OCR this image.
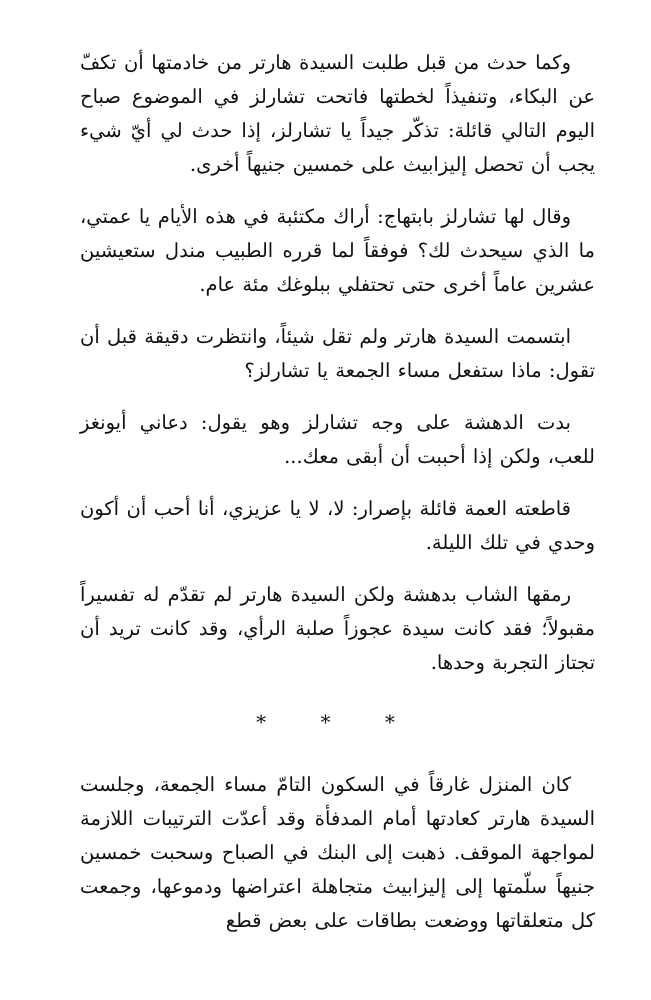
وكما حدث من قبل طلبت السيدة هارتر من خادمتها أن تكفّ عن البكاء، وتنفيذاً لخطتها فاتحت تشارلز في الموضوع صباح اليوم التالي قائلة: تذكّر جيداً يا تشارلز، إذا حدث لي أيّ شيء يجب أن تحصل إليزابيث على خمسين جنيهاً أخرى.

وقال لها تشارلز بابتهاج: أراك مكتئبة في هذه الأيام يا عمتي، ما الذي سيحدث لك؟ فوفقاً لما قرره الطبيب مندل ستعيشين عشرين عاماً أخرى حتى تحتفلي ببلوغك مئة عام.

ابتسمت السيدة هارتر ولم تقل شيئاً، وانتظرت دقيقة قبل أن تقول: ماذا ستفعل مساء الجمعة يا تشارلز؟

بدت الدهشة على وجه تشارلز وهو يقول: دعاني أيونغز للعب، ولكن إذا أحببت أن أبقى معك...

قاطعته العمة قائلة بإصرار: لا، لا يا عزيزي، أنا أحب أن أكون وحدي في تلك الليلة.

رمقها الشاب بدهشة ولكن السيدة هارتر لم تقدّم له تفسيراً مقبولاً؛ فقد كانت سيدة عجوزاً صلبة الرأي، وقد كانت تريد أن تجتاز التجربة وحدها.

* * *

كان المنزل غارقاً في السكون التامّ مساء الجمعة، وجلست السيدة هارتر كعادتها أمام المدفأة وقد أعدّت الترتيبات اللازمة لمواجهة الموقف. ذهبت إلى البنك في الصباح وسحبت خمسين جنيهاً سلّمتها إلى إليزابيث متجاهلة اعتراضها ودموعها، وجمعت كل متعلقاتها ووضعت بطاقات على بعض قطع
